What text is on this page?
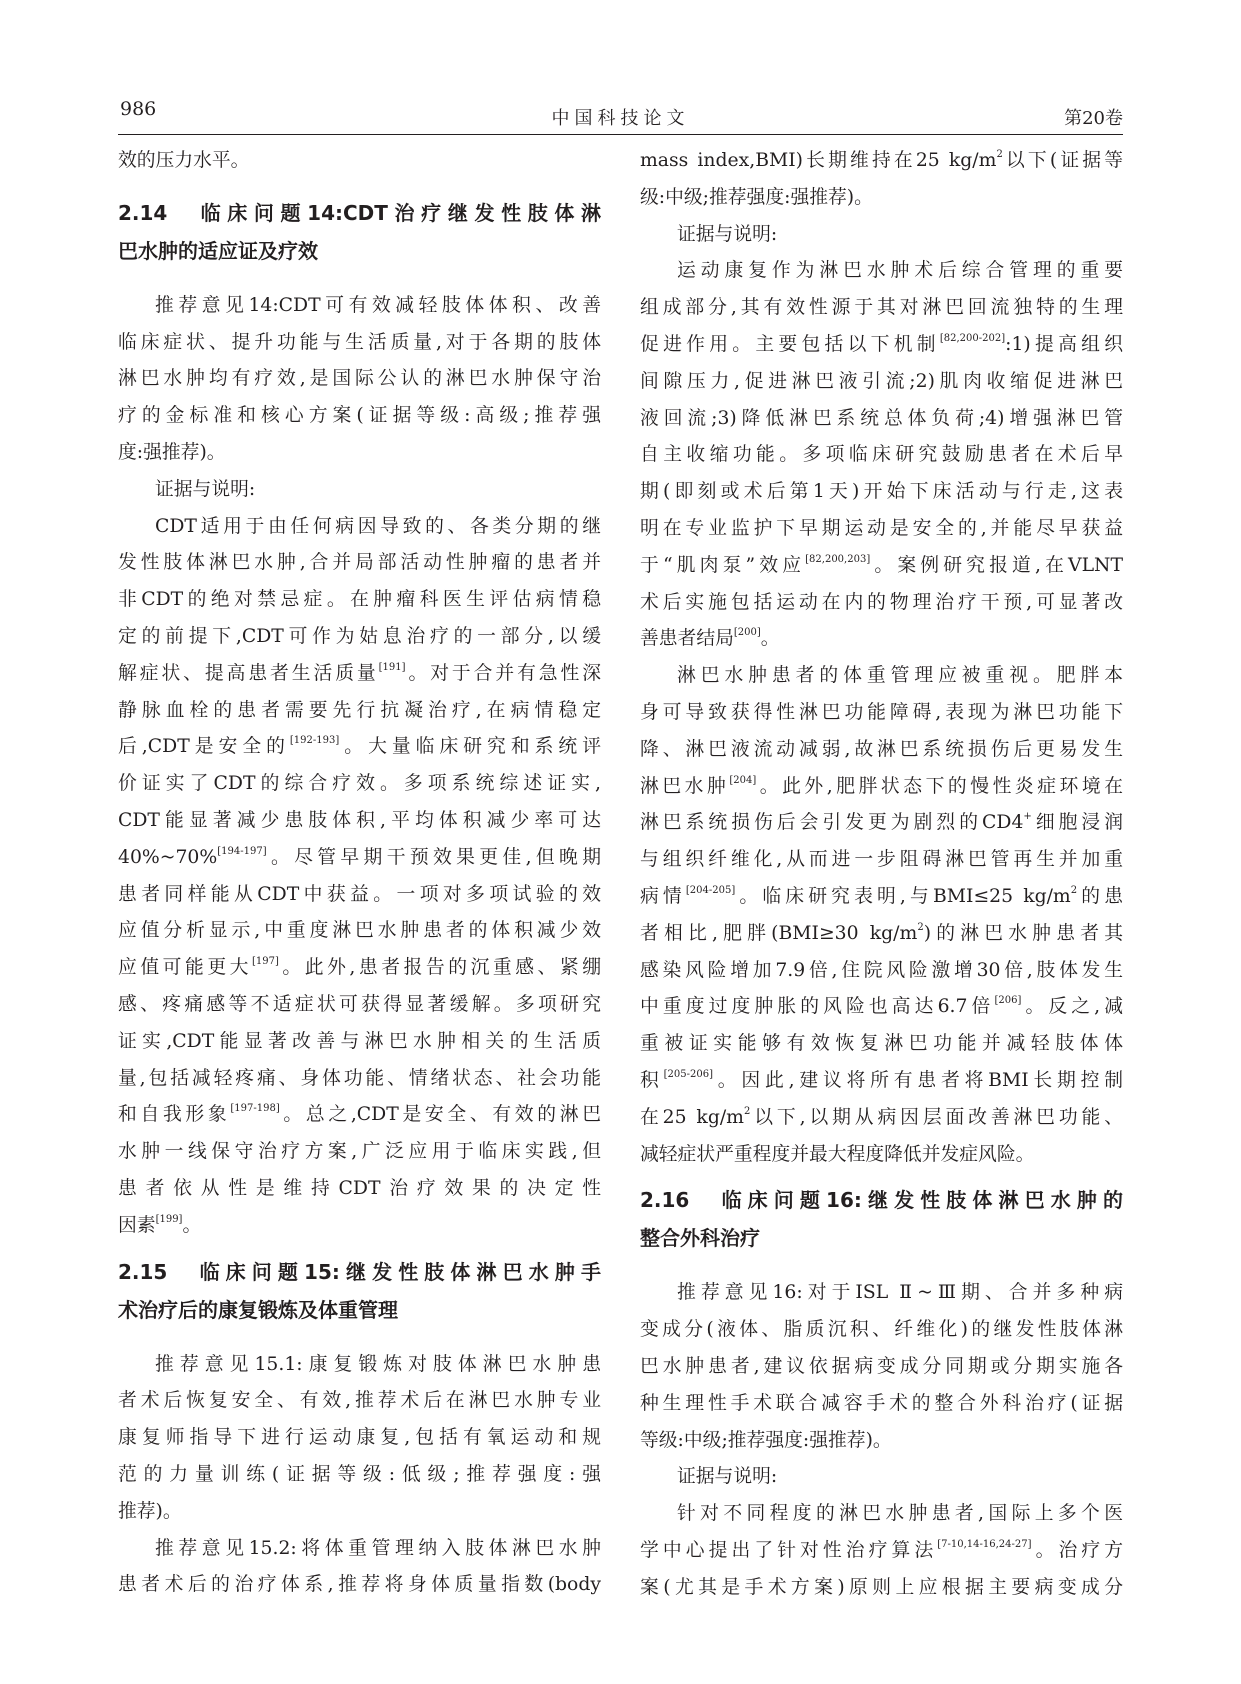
986	中国科技论文	第20卷
效的压力水平。
2.14　临床问题14:CDT治疗继发性肢体淋
巴水肿的适应证及疗效
推荐意见14:CDT可有效减轻肢体体积、改善
临床症状、提升功能与生活质量,对于各期的肢体
淋巴水肿均有疗效,是国际公认的淋巴水肿保守治
疗的金标准和核心方案(证据等级:高级;推荐强
度:强推荐)。
证据与说明:
CDT适用于由任何病因导致的、各类分期的继
发性肢体淋巴水肿,合并局部活动性肿瘤的患者并
非CDT的绝对禁忌症。在肿瘤科医生评估病情稳
定的前提下,CDT可作为姑息治疗的一部分,以缓
解症状、提高患者生活质量[191]。对于合并有急性深
静脉血栓的患者需要先行抗凝治疗,在病情稳定
后,CDT是安全的[192-193]。大量临床研究和系统评
价证实了CDT的综合疗效。多项系统综述证实,
CDT能显著减少患肢体积,平均体积减少率可达
40%~70%[194-197]。尽管早期干预效果更佳,但晚期
患者同样能从CDT中获益。一项对多项试验的效
应值分析显示,中重度淋巴水肿患者的体积减少效
应值可能更大[197]。此外,患者报告的沉重感、紧绷
感、疼痛感等不适症状可获得显著缓解。多项研究
证实,CDT能显著改善与淋巴水肿相关的生活质
量,包括减轻疼痛、身体功能、情绪状态、社会功能
和自我形象[197-198]。总之,CDT是安全、有效的淋巴
水肿一线保守治疗方案,广泛应用于临床实践,但
患者依从性是维持CDT治疗效果的决定性
因素[199]。
2.15　临床问题15:继发性肢体淋巴水肿手
术治疗后的康复锻炼及体重管理
推荐意见15.1:康复锻炼对肢体淋巴水肿患
者术后恢复安全、有效,推荐术后在淋巴水肿专业
康复师指导下进行运动康复,包括有氧运动和规
范的力量训练(证据等级:低级;推荐强度:强
推荐)。
推荐意见15.2:将体重管理纳入肢体淋巴水肿
患者术后的治疗体系,推荐将身体质量指数(body
mass index,BMI)长期维持在25 $kg/m^2$以下(证据等
级:中级;推荐强度:强推荐)。
证据与说明:
运动康复作为淋巴水肿术后综合管理的重要
组成部分,其有效性源于其对淋巴回流独特的生理
促进作用。主要包括以下机制[82,200-202]:1)提高组织
间隙压力,促进淋巴液引流;2)肌肉收缩促进淋巴
液回流;3)降低淋巴系统总体负荷;4)增强淋巴管
自主收缩功能。多项临床研究鼓励患者在术后早
期(即刻或术后第1天)开始下床活动与行走,这表
明在专业监护下早期运动是安全的,并能尽早获益
于“肌肉泵”效应[82,200,203]。案例研究报道,在VLNT
术后实施包括运动在内的物理治疗干预,可显著改
善患者结局[200]。
淋巴水肿患者的体重管理应被重视。肥胖本
身可导致获得性淋巴功能障碍,表现为淋巴功能下
降、淋巴液流动减弱,故淋巴系统损伤后更易发生
淋巴水肿[204]。此外,肥胖状态下的慢性炎症环境在
淋巴系统损伤后会引发更为剧烈的CD4+细胞浸润
与组织纤维化,从而进一步阻碍淋巴管再生并加重
病情[204-205]。临床研究表明,与BMI≤25 $kg/m^2$的患
者相比,肥胖(BMI≥30 $kg/m^2$)的淋巴水肿患者其
感染风险增加7.9倍,住院风险激增30倍,肢体发生
中重度过度肿胀的风险也高达6.7倍[206]。反之,减
重被证实能够有效恢复淋巴功能并减轻肢体体
积[205-206]。因此,建议将所有患者将BMI长期控制
在25 $kg/m^2$以下,以期从病因层面改善淋巴功能、
减轻症状严重程度并最大程度降低并发症风险。
2.16　临床问题16:继发性肢体淋巴水肿的
整合外科治疗
推荐意见16:对于ISL Ⅱ~Ⅲ期、合并多种病
变成分(液体、脂质沉积、纤维化)的继发性肢体淋
巴水肿患者,建议依据病变成分同期或分期实施各
种生理性手术联合减容手术的整合外科治疗(证据
等级:中级;推荐强度:强推荐)。
证据与说明:
针对不同程度的淋巴水肿患者,国际上多个医
学中心提出了针对性治疗算法[7-10,14-16,24-27]。治疗方
案(尤其是手术方案)原则上应根据主要病变成分
